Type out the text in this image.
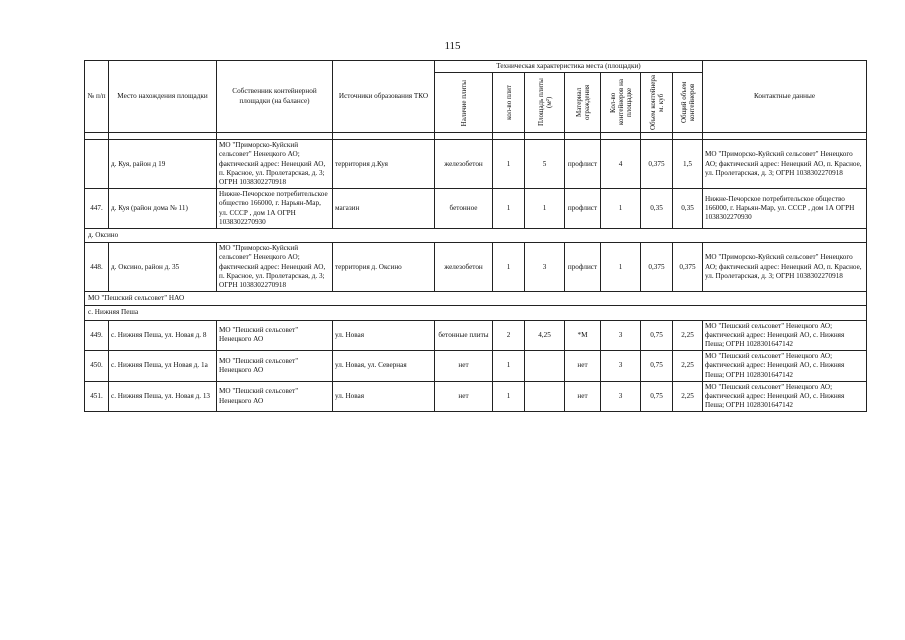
115
№ п/п	Место нахождения площадки	Собственник контейнерной площадки (на балансе)	Источники образования ТКО	Техническая характеристика места (площадки)							Контактные данные

				Наличие плиты	кол-во плит	Площадь плиты (м²)	Материал ограждения	Кол-во контейнеров на площадке	Объем контейнера м. куб	Общий объем контейнеров	

	д. Куя, район д 19	МО "Приморско-Куйский сельсовет" Ненецкого АО; фактический адрес: Ненецкий АО, п. Красное, ул. Пролетарская, д. 3; ОГРН 1038302270918	территория д.Куя	железобетон	1	5	профлист	4	0,375	1,5	МО "Приморско-Куйский сельсовет" Ненецкого АО; фактический адрес: Ненецкий АО, п. Красное, ул. Пролетарская, д. 3; ОГРН 1038302270918
447.	д. Куя (район дома № 11)	Нижне-Печорское потребительское общество 166000, г. Нарьян-Мар, ул. СССР , дом 1А ОГРН 1038302270930	магазин	бетонное	1	1	профлист	1	0,35	0,35	Нижне-Печорское потребительское общество 166000, г. Нарьян-Мар, ул. СССР , дом 1А ОГРН 1038302270930
д. Оксино											
448.	д. Оксино, район д. 35	МО "Приморско-Куйский сельсовет" Ненецкого АО; фактический адрес: Ненецкий АО, п. Красное, ул. Пролетарская, д. 3; ОГРН 1038302270918	территория д. Оксино	железобетон	1	3	профлист	1	0,375	0,375	МО "Приморско-Куйский сельсовет" Ненецкого АО; фактический адрес: Ненецкий АО, п. Красное, ул. Пролетарская, д. 3; ОГРН 1038302270918
МО "Пешский сельсовет" НАО											
с. Нижняя Пеша											
449.	с. Нижняя Пеша, ул. Новая д. 8	МО "Пешский сельсовет" Ненецкого АО	ул. Новая	бетонные плиты	2	4,25	*М	3	0,75	2,25	МО "Пешский сельсовет" Ненецкого АО; фактический адрес: Ненецкий АО, с. Нижняя Пеша; ОГРН 1028301647142
450.	с. Нижняя Пеша, ул Новая д. 1а	МО "Пешский сельсовет" Ненецкого АО	ул. Новая, ул. Северная	нет	1		нет	3	0,75	2,25	МО "Пешский сельсовет" Ненецкого АО; фактический адрес: Ненецкий АО, с. Нижняя Пеша; ОГРН 1028301647142
451.	с. Нижняя Пеша, ул. Новая д. 13	МО "Пешский сельсовет" Ненецкого АО	ул. Новая	нет	1		нет	3	0,75	2,25	МО "Пешский сельсовет" Ненецкого АО; фактический адрес: Ненецкий АО, с. Нижняя Пеша; ОГРН 1028301647142
